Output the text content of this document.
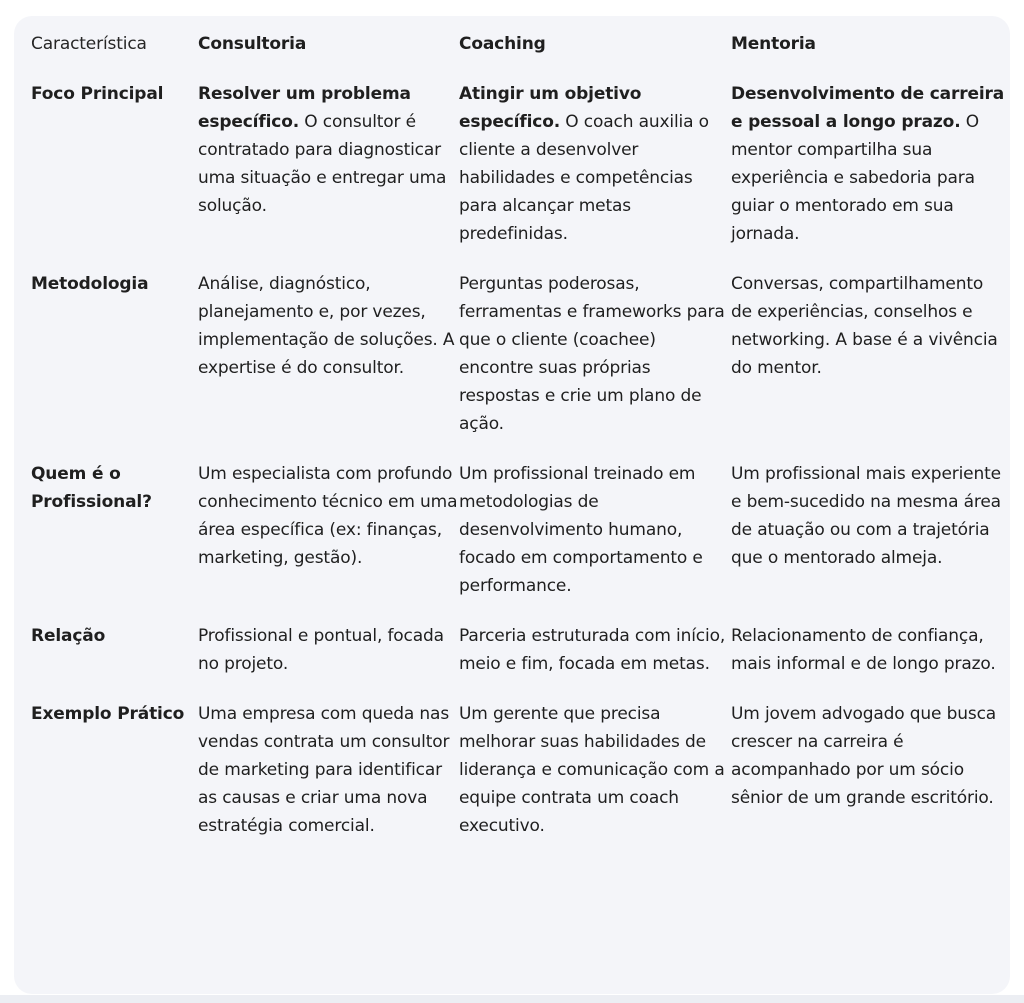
Característica	Consultoria	Coaching	Mentoria
Foco Principal	Resolver um problema específico. O consultor é contratado para diagnosticar uma situação e entregar uma solução.	Atingir um objetivo específico. O coach auxilia o cliente a desenvolver habilidades e competências para alcançar metas predefinidas.	Desenvolvimento de carreira e pessoal a longo prazo. O mentor compartilha sua experiência e sabedoria para guiar o mentorado em sua jornada.
Metodologia	Análise, diagnóstico, planejamento e, por vezes, implementação de soluções. A expertise é do consultor.	Perguntas poderosas, ferramentas e frameworks para que o cliente (coachee) encontre suas próprias respostas e crie um plano de ação.	Conversas, compartilhamento de experiências, conselhos e networking. A base é a vivência do mentor.
Quem é o Profissional?	Um especialista com profundo conhecimento técnico em uma área específica (ex: finanças, marketing, gestão).	Um profissional treinado em metodologias de desenvolvimento humano, focado em comportamento e performance.	Um profissional mais experiente e bem-sucedido na mesma área de atuação ou com a trajetória que o mentorado almeja.
Relação	Profissional e pontual, focada no projeto.	Parceria estruturada com início, meio e fim, focada em metas.	Relacionamento de confiança, mais informal e de longo prazo.
Exemplo Prático	Uma empresa com queda nas vendas contrata um consultor de marketing para identificar as causas e criar uma nova estratégia comercial.	Um gerente que precisa melhorar suas habilidades de liderança e comunicação com a equipe contrata um coach executivo.	Um jovem advogado que busca crescer na carreira é acompanhado por um sócio sênior de um grande escritório.
